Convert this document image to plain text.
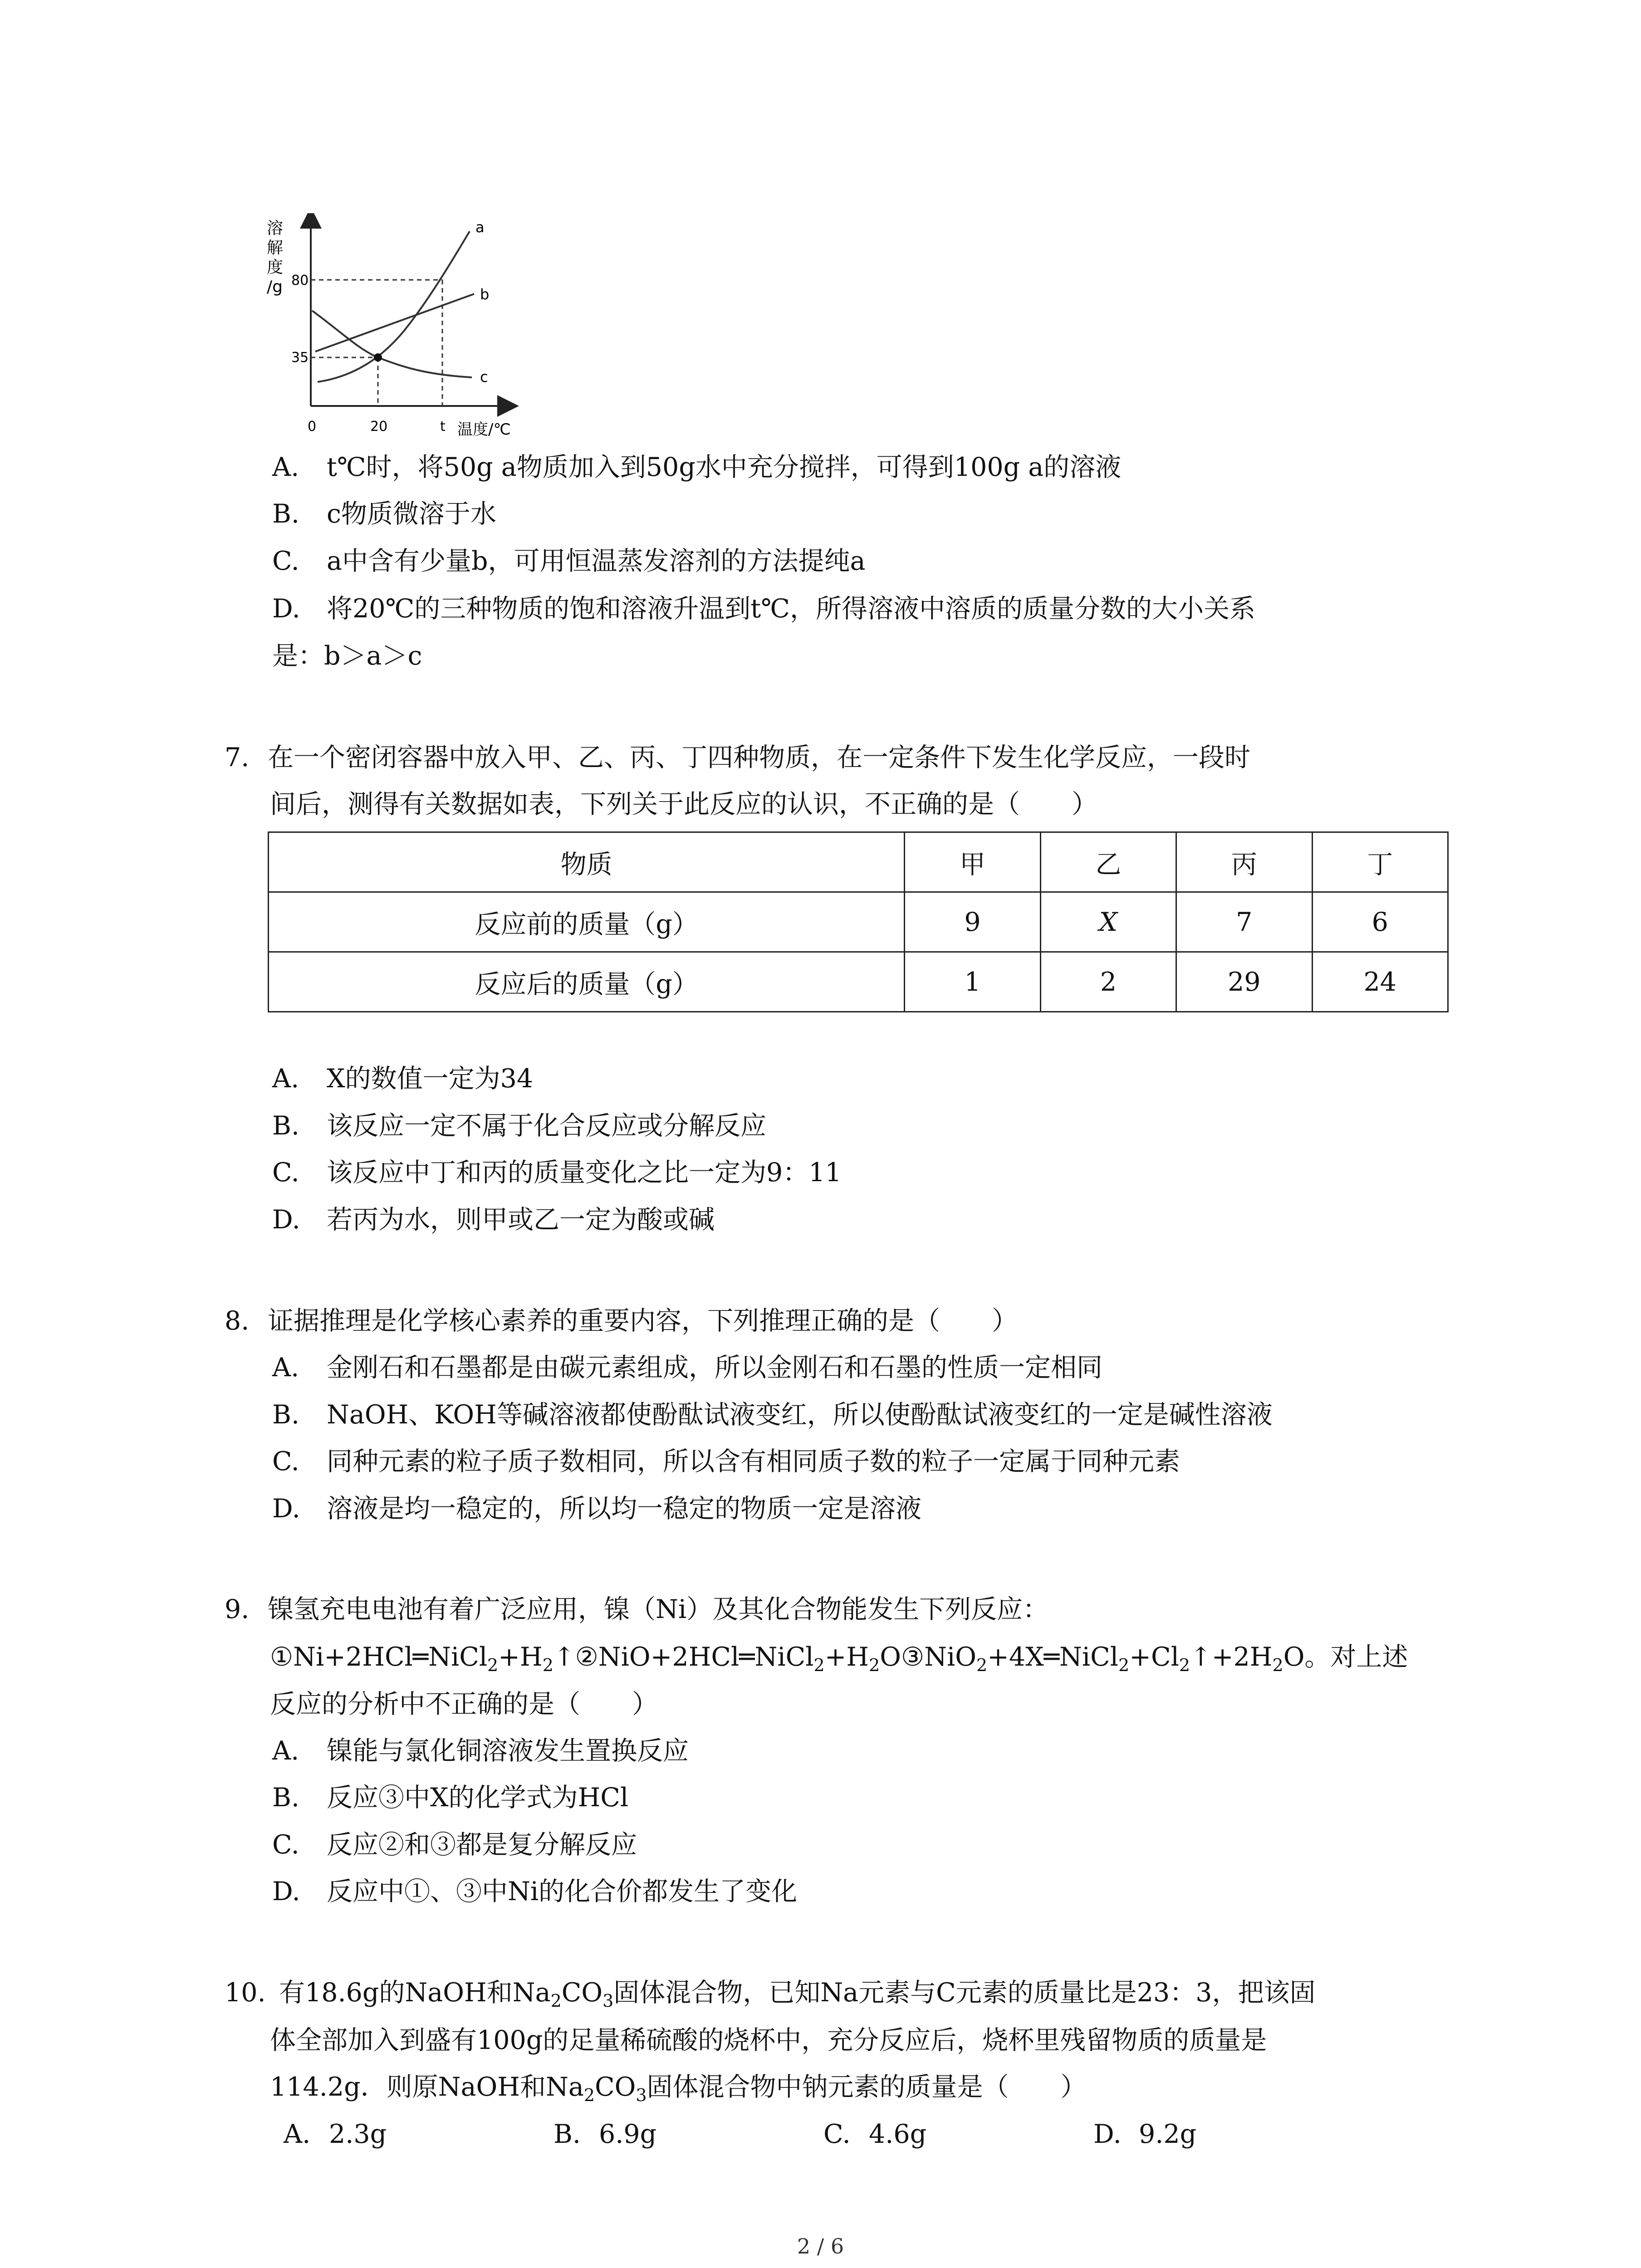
溶
解
度
/g 80
35
0	20	t 温度/℃
a
b
c
A. t℃时，将50g a物质加入到50g水中充分搅拌，可得到100g a的溶液
B. c物质微溶于水
C. a中含有少量b，可用恒温蒸发溶剂的方法提纯a
D. 将20℃的三种物质的饱和溶液升温到t℃，所得溶液中溶质的质量分数的大小关系
是：b＞a＞c
7. 在一个密闭容器中放入甲、乙、丙、丁四种物质，在一定条件下发生化学反应，一段时
间后，测得有关数据如表，下列关于此反应的认识，不正确的是（　　）
物质	甲	乙	丙	丁
反应前的质量（g）	9	X	7	6
反应后的质量（g）	1	2	29	24
A. X的数值一定为34
B. 该反应一定不属于化合反应或分解反应
C. 该反应中丁和丙的质量变化之比一定为9：11
D. 若丙为水，则甲或乙一定为酸或碱
8. 证据推理是化学核心素养的重要内容，下列推理正确的是（　　）
A. 金刚石和石墨都是由碳元素组成，所以金刚石和石墨的性质一定相同
B. NaOH、KOH等碱溶液都使酚酞试液变红，所以使酚酞试液变红的一定是碱性溶液
C. 同种元素的粒子质子数相同，所以含有相同质子数的粒子一定属于同种元素
D. 溶液是均一稳定的，所以均一稳定的物质一定是溶液
9. 镍氢充电电池有着广泛应用，镍（Ni）及其化合物能发生下列反应：
$①Ni+2HCl═NiCl_2+H_2↑②NiO+2HCl═NiCl_2+H_2O③NiO_2+4X═NiCl_2+Cl_2↑+2H_2O$。对上述
反应的分析中不正确的是（　　）
A. 镍能与氯化铜溶液发生置换反应
B. 反应③中X的化学式为HCl
C. 反应②和③都是复分解反应
D. 反应中①、③中Ni的化合价都发生了变化
10. 有18.6g的NaOH和$Na_2CO_3$固体混合物，已知Na元素与C元素的质量比是23：3，把该固
体全部加入到盛有100g的足量稀硫酸的烧杯中，充分反应后，烧杯里残留物质的质量是
114.2g．则原NaOH和$Na_2CO_3$固体混合物中钠元素的质量是（　　）
A. 2.3g	B. 6.9g	C. 4.6g	D. 9.2g
2 / 6
